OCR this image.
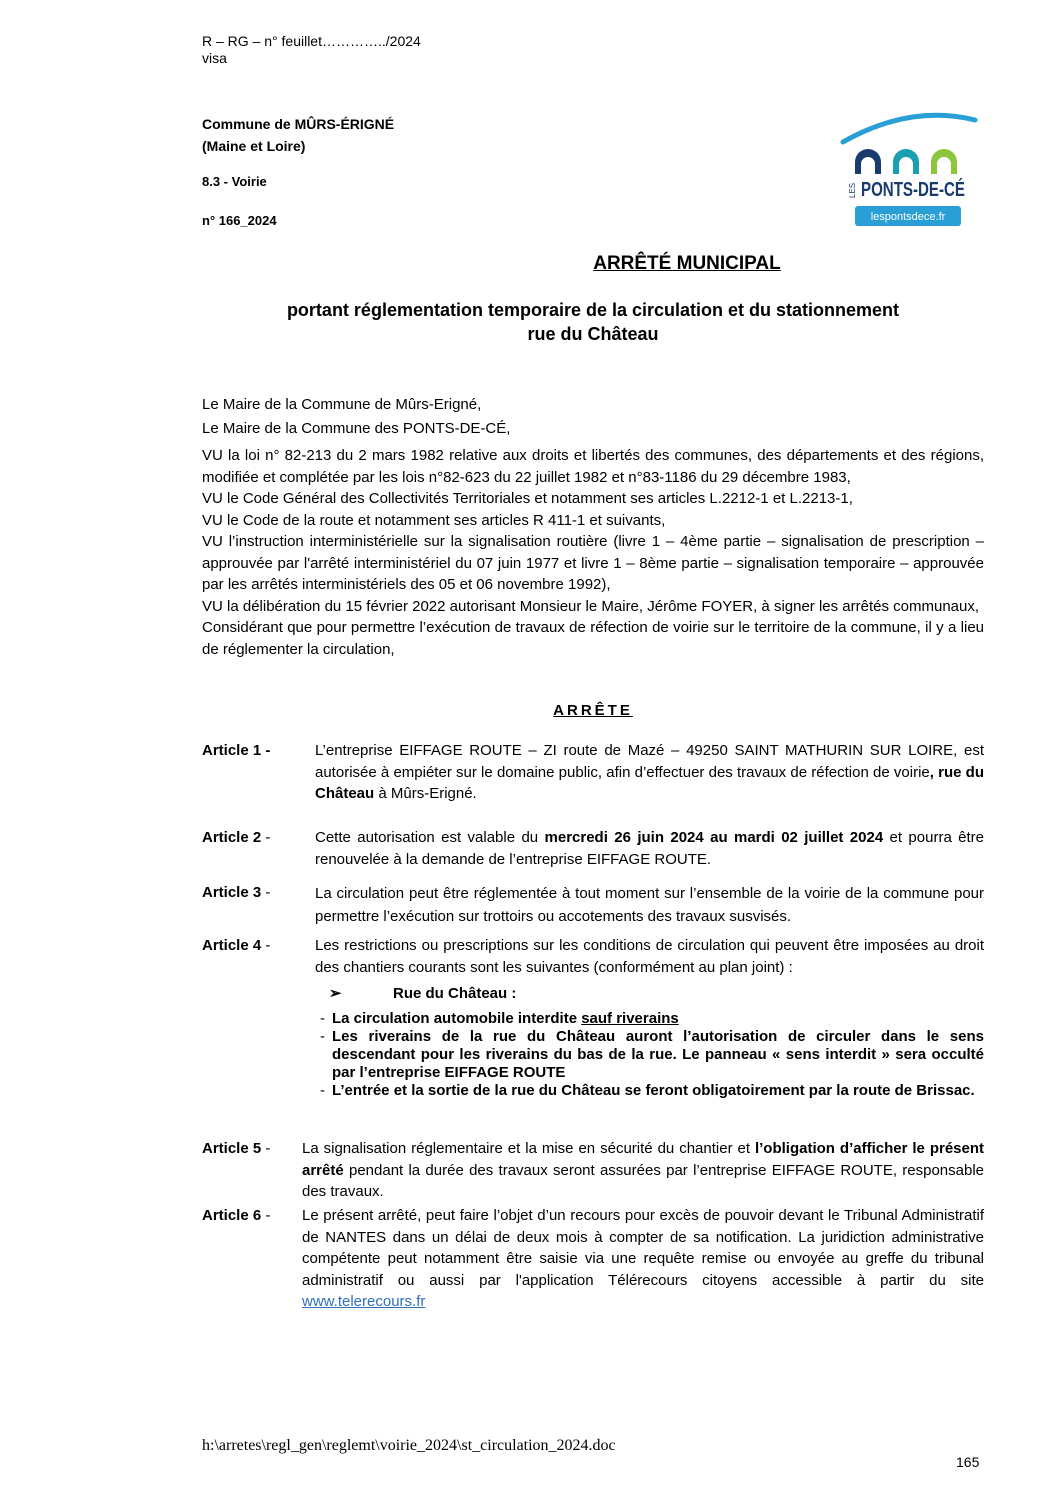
R – RG – n° feuillet…………../2024
visa
Commune de MÛRS-ÉRIGNÉ
(Maine et Loire)
8.3 - Voirie
n° 166_2024
LES PONTS-DE-CÉ
lespontsdece.fr
ARRÊTÉ MUNICIPAL
portant réglementation temporaire de la circulation et du stationnement
rue du Château
Le Maire de la Commune de Mûrs-Erigné,
Le Maire de la Commune des PONTS-DE-CÉ,
VU la loi n° 82-213 du 2 mars 1982 relative aux droits et libertés des communes, des départements et des régions, modifiée et complétée par les lois n°82-623 du 22 juillet 1982 et n°83-1186 du 29 décembre 1983,
VU le Code Général des Collectivités Territoriales et notamment ses articles L.2212-1 et L.2213-1,
VU le Code de la route et notamment ses articles R 411-1 et suivants,
VU l’instruction interministérielle sur la signalisation routière (livre 1 – 4ème partie – signalisation de prescription – approuvée par l'arrêté interministériel du 07 juin 1977 et livre 1 – 8ème partie – signalisation temporaire – approuvée par les arrêtés interministériels des 05 et 06 novembre 1992),
VU la délibération du 15 février 2022 autorisant Monsieur le Maire, Jérôme FOYER, à signer les arrêtés communaux,
Considérant que pour permettre l’exécution de travaux de réfection de voirie sur le territoire de la commune, il y a lieu de réglementer la circulation,
ARRÊTE
Article 1 -	L’entreprise EIFFAGE ROUTE – ZI route de Mazé – 49250 SAINT MATHURIN SUR LOIRE, est autorisée à empiéter sur le domaine public, afin d’effectuer des travaux de réfection de voirie, rue du Château à Mûrs-Erigné.
Article 2 -	Cette autorisation est valable du mercredi 26 juin 2024 au mardi 02 juillet 2024 et pourra être renouvelée à la demande de l’entreprise EIFFAGE ROUTE.
Article 3 -	La circulation peut être réglementée à tout moment sur l’ensemble de la voirie de la commune pour permettre l’exécution sur trottoirs ou accotements des travaux susvisés.
Article 4 -	Les restrictions ou prescriptions sur les conditions de circulation qui peuvent être imposées au droit des chantiers courants sont les suivantes (conformément au plan joint) :
➢	Rue du Château :
- La circulation automobile interdite sauf riverains
- Les riverains de la rue du Château auront l’autorisation de circuler dans le sens descendant pour les riverains du bas de la rue. Le panneau « sens interdit » sera occulté par l’entreprise EIFFAGE ROUTE
- L’entrée et la sortie de la rue du Château se feront obligatoirement par la route de Brissac.
Article 5 - La signalisation réglementaire et la mise en sécurité du chantier et l’obligation d’afficher le présent arrêté pendant la durée des travaux seront assurées par l’entreprise EIFFAGE ROUTE, responsable des travaux.
Article 6 - Le présent arrêté, peut faire l’objet d’un recours pour excès de pouvoir devant le Tribunal Administratif de NANTES dans un délai de deux mois à compter de sa notification. La juridiction administrative compétente peut notamment être saisie via une requête remise ou envoyée au greffe du tribunal administratif ou aussi par l'application Télérecours citoyens accessible à partir du site www.telerecours.fr
h:\arretes\regl_gen\reglemt\voirie_2024\st_circulation_2024.doc
165
